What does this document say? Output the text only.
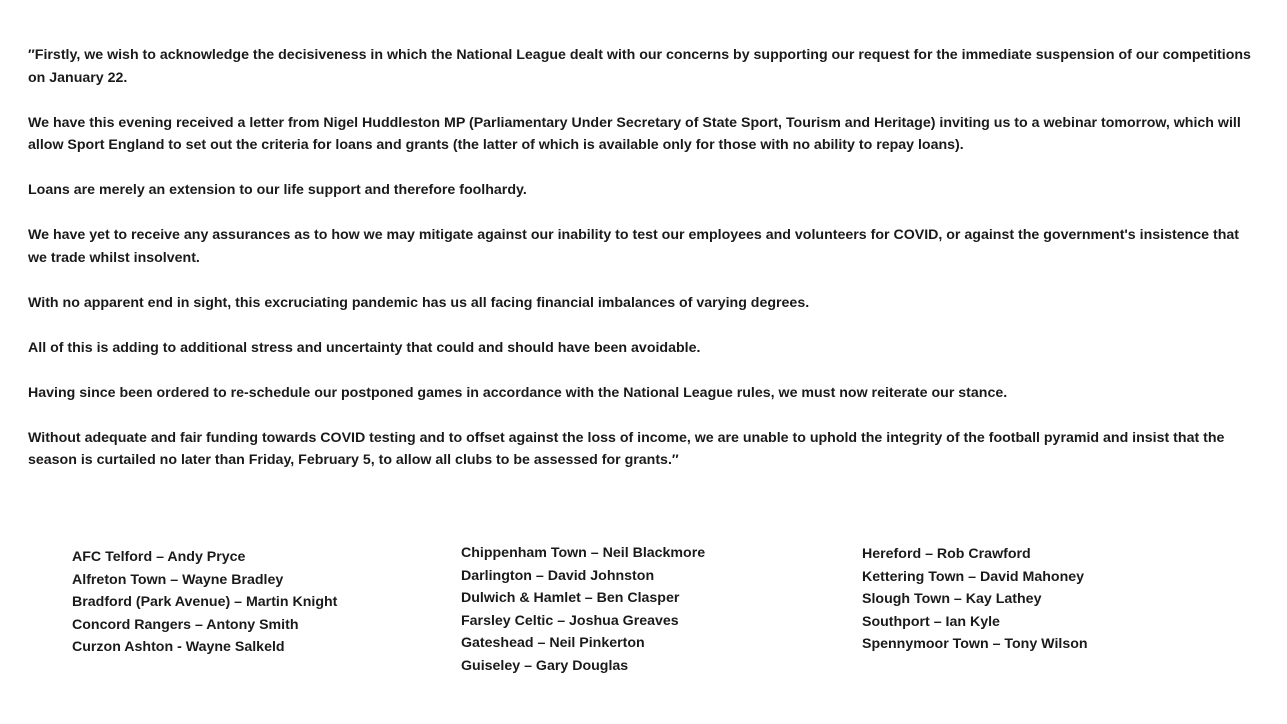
′′Firstly, we wish to acknowledge the decisiveness in which the National League dealt with our concerns by supporting our request for the immediate suspension of our competitions on January 22.

We have this evening received a letter from Nigel Huddleston MP (Parliamentary Under Secretary of State Sport, Tourism and Heritage) inviting us to a webinar tomorrow, which will allow Sport England to set out the criteria for loans and grants (the latter of which is available only for those with no ability to repay loans).

Loans are merely an extension to our life support and therefore foolhardy.

We have yet to receive any assurances as to how we may mitigate against our inability to test our employees and volunteers for COVID, or against the government's insistence that we trade whilst insolvent.

With no apparent end in sight, this excruciating pandemic has us all facing financial imbalances of varying degrees.

All of this is adding to additional stress and uncertainty that could and should have been avoidable.

Having since been ordered to re-schedule our postponed games in accordance with the National League rules, we must now reiterate our stance.

Without adequate and fair funding towards COVID testing and to offset against the loss of income, we are unable to uphold the integrity of the football pyramid and insist that the season is curtailed no later than Friday, February 5, to allow all clubs to be assessed for grants.″

AFC Telford – Andy Pryce
Alfreton Town – Wayne Bradley
Bradford (Park Avenue) – Martin Knight
Concord Rangers – Antony Smith
Curzon Ashton - Wayne Salkeld
Chippenham Town – Neil Blackmore
Darlington – David Johnston
Dulwich & Hamlet – Ben Clasper
Farsley Celtic – Joshua Greaves
Gateshead – Neil Pinkerton
Guiseley – Gary Douglas
Hereford – Rob Crawford
Kettering Town – David Mahoney
Slough Town – Kay Lathey
Southport – Ian Kyle
Spennymoor Town – Tony Wilson
